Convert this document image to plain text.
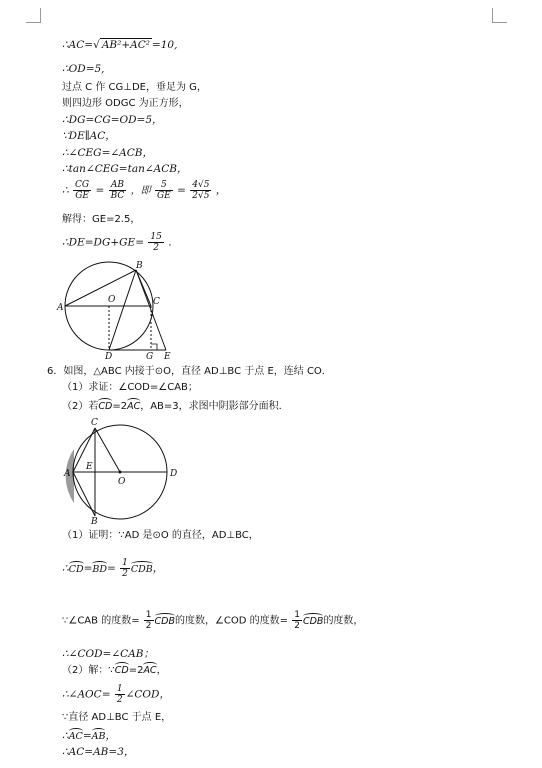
∴AC=√ AB²+AC² =10,
∴OD=5,
过点 C 作 CG⊥DE，垂足为 G，
则四边形 ODGC 为正方形，
∴DG=CG=OD=5，
∵DE∥AC，
∴∠CEG=∠ACB，
∴tan∠CEG=tan∠ACB，
∴ $\frac{CG}{GE} = \frac{AB}{BC}$ ，即 $\frac{5}{GE} = \frac{4√5}{2√5}$ ，
解得：GE=2.5，
∴DE=DG+GE= $\frac{15}{2}$ ．
A
B
O	C
D	G E
6．如图，△ABC 内接于⊙O，直径 AD⊥BC 于点 E，连结 CO．
（1）求证：∠COD=∠CAB；
（2）若CD=2AC，AB=3，求图中阴影部分面积．
C
A
E
O
D
B
（1）证明：∵AD 是⊙O 的直径，AD⊥BC，
∴CD=BD= $\frac{1}{2}$ CDB，
∵∠CAB 的度数= $\frac{1}{2}$ CDB的度数，∠COD 的度数= $\frac{1}{2}$ CDB的度数，
∴∠COD=∠CAB；
（2）解：∵CD=2AC，
∴∠AOC= $\frac{1}{2}$ ∠COD，
∵直径 AD⊥BC 于点 E，
∴AC=AB，
∴AC=AB=3，
